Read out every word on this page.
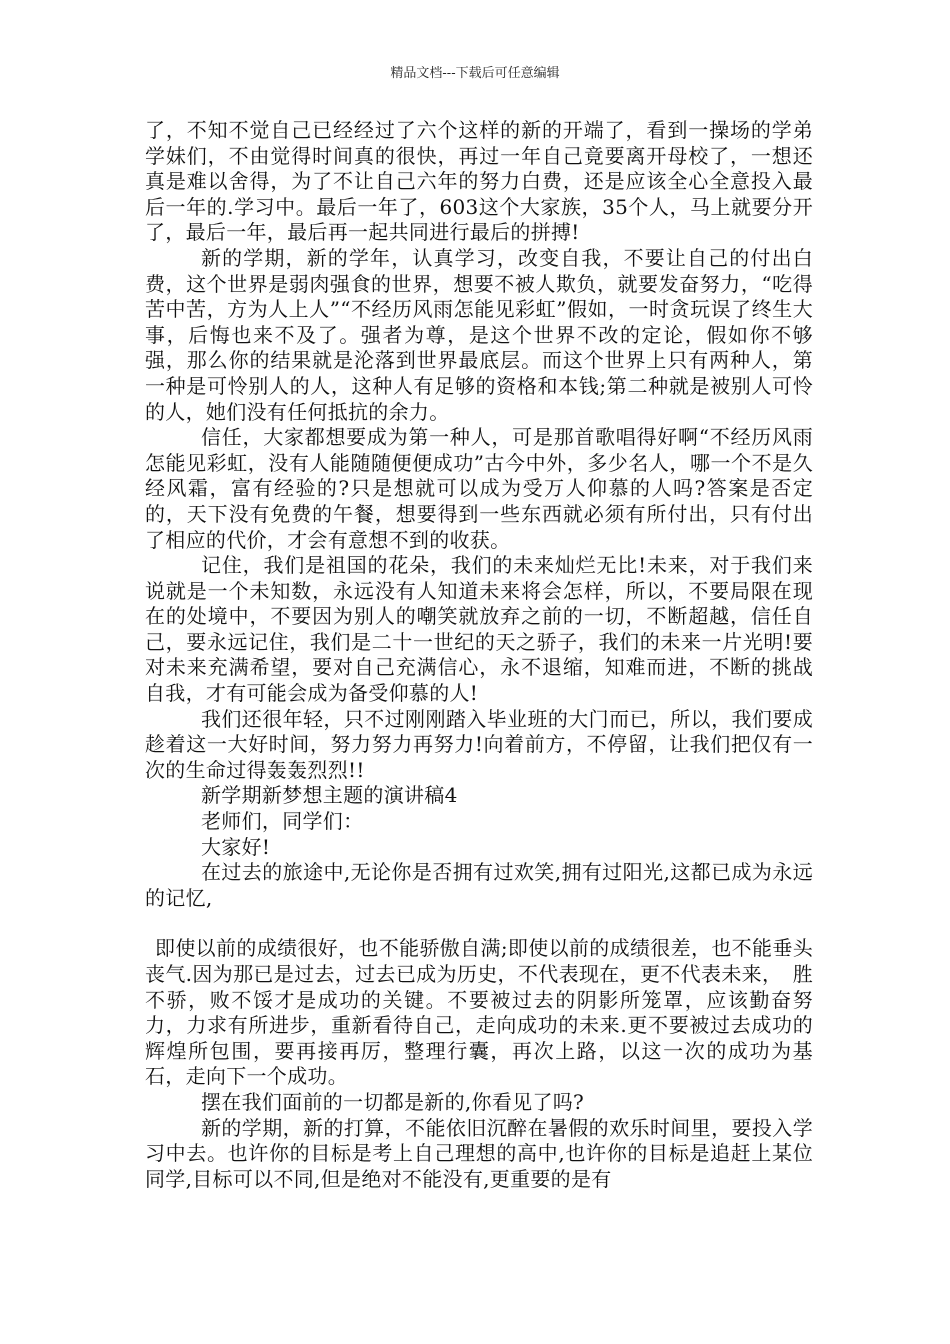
精品文档---下载后可任意编辑

了，不知不觉自己已经经过了六个这样的新的开端了，看到一操场的学弟学妹们，不由觉得时间真的很快，再过一年自己竟要离开母校了，一想还真是难以舍得，为了不让自己六年的努力白费，还是应该全心全意投入最后一年的.学习中。最后一年了，603这个大家族，35个人，马上就要分开了，最后一年，最后再一起共同进行最后的拼搏!

新的学期，新的学年，认真学习，改变自我，不要让自己的付出白费，这个世界是弱肉强食的世界，想要不被人欺负，就要发奋努力，“吃得苦中苦，方为人上人”“不经历风雨怎能见彩虹”假如，一时贪玩误了终生大事，后悔也来不及了。强者为尊，是这个世界不改的定论，假如你不够强，那么你的结果就是沦落到世界最底层。而这个世界上只有两种人，第一种是可怜别人的人，这种人有足够的资格和本钱;第二种就是被别人可怜的人，她们没有任何抵抗的余力。

信任，大家都想要成为第一种人，可是那首歌唱得好啊“不经历风雨怎能见彩虹，没有人能随随便便成功”古今中外，多少名人，哪一个不是久经风霜，富有经验的?只是想就可以成为受万人仰慕的人吗?答案是否定的，天下没有免费的午餐，想要得到一些东西就必须有所付出，只有付出了相应的代价，才会有意想不到的收获。

记住，我们是祖国的花朵，我们的未来灿烂无比!未来，对于我们来说就是一个未知数，永远没有人知道未来将会怎样，所以，不要局限在现在的处境中，不要因为别人的嘲笑就放弃之前的一切，不断超越，信任自己，要永远记住，我们是二十一世纪的天之骄子，我们的未来一片光明!要对未来充满希望，要对自己充满信心，永不退缩，知难而进，不断的挑战自我，才有可能会成为备受仰慕的人!

我们还很年轻，只不过刚刚踏入毕业班的大门而已，所以，我们要成趁着这一大好时间，努力努力再努力!向着前方，不停留，让我们把仅有一次的生命过得轰轰烈烈!!

新学期新梦想主题的演讲稿4

老师们，同学们：

大家好!

在过去的旅途中,无论你是否拥有过欢笑,拥有过阳光,这都已成为永远的记忆,

即使以前的成绩很好，也不能骄傲自满;即使以前的成绩很差，也不能垂头丧气.因为那已是过去，过去已成为历史，不代表现在，更不代表未来，　胜不骄，败不馁才是成功的关键。不要被过去的阴影所笼罩，应该勤奋努力，力求有所进步，重新看待自己，走向成功的未来.更不要被过去成功的辉煌所包围，要再接再厉，整理行囊，再次上路，以这一次的成功为基石，走向下一个成功。

摆在我们面前的一切都是新的,你看见了吗?

新的学期，新的打算，不能依旧沉醉在暑假的欢乐时间里，要投入学习中去。也许你的目标是考上自己理想的高中,也许你的目标是追赶上某位同学,目标可以不同,但是绝对不能没有,更重要的是有
